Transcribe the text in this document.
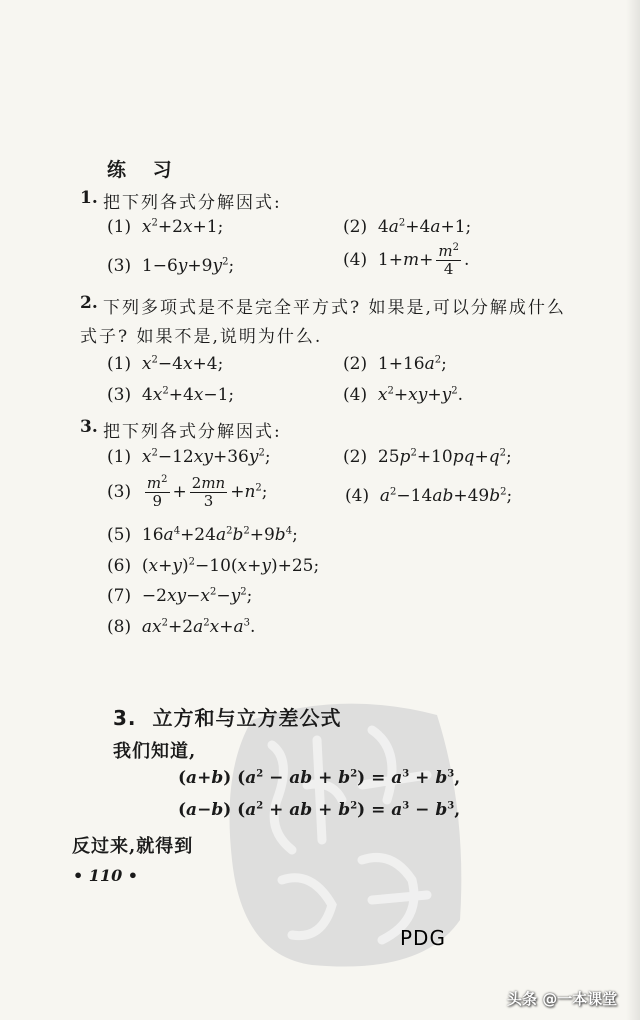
PDG
练 习
1. 把下列各式分解因式:
(1) $x^2+2x+1$;	(2)  $4a^2+4a+1$;
(3)  $1-6y+9y^2$;	(4)  $1+m+ \frac{m^2}{4}$ .
2. 下列多项式是不是完全平方式? 如果是,可以分解成什么
式子? 如果不是,说明为什么.
(1) $x^2-4x+4$;	(2)  $1+16a^2$;
(3)  $4x^2+4x-1$;	(4) $x^2+xy+y^2$.
3. 把下列各式分解因式:
(1) $x^2-12xy+36y^2$;	(2)  $25p^2+10pq+q^2$;
$(3) \frac{m^2}{9} + \frac{2mn}{3} +n^2$;	(4) $a^2-14ab+49b^2$;
(5)  $16a^4+24a^2b^2+9b^4$;
(6)  $(x+y)^2-10(x+y)+25$;
$(7) -2xy-x^2-y^2$;
(8) $ax^2+2a^2x+a^3$.
3. 立方和与立方差公式
我们知道,
(a+b) ($a^2$ − ab + $b^2) = a^3 + b^3$,
(a−b) ($a^2$ + ab + $b^2) = a^3 - b^3$,
反过来,就得到
• 110 •
头条 @一本课堂
